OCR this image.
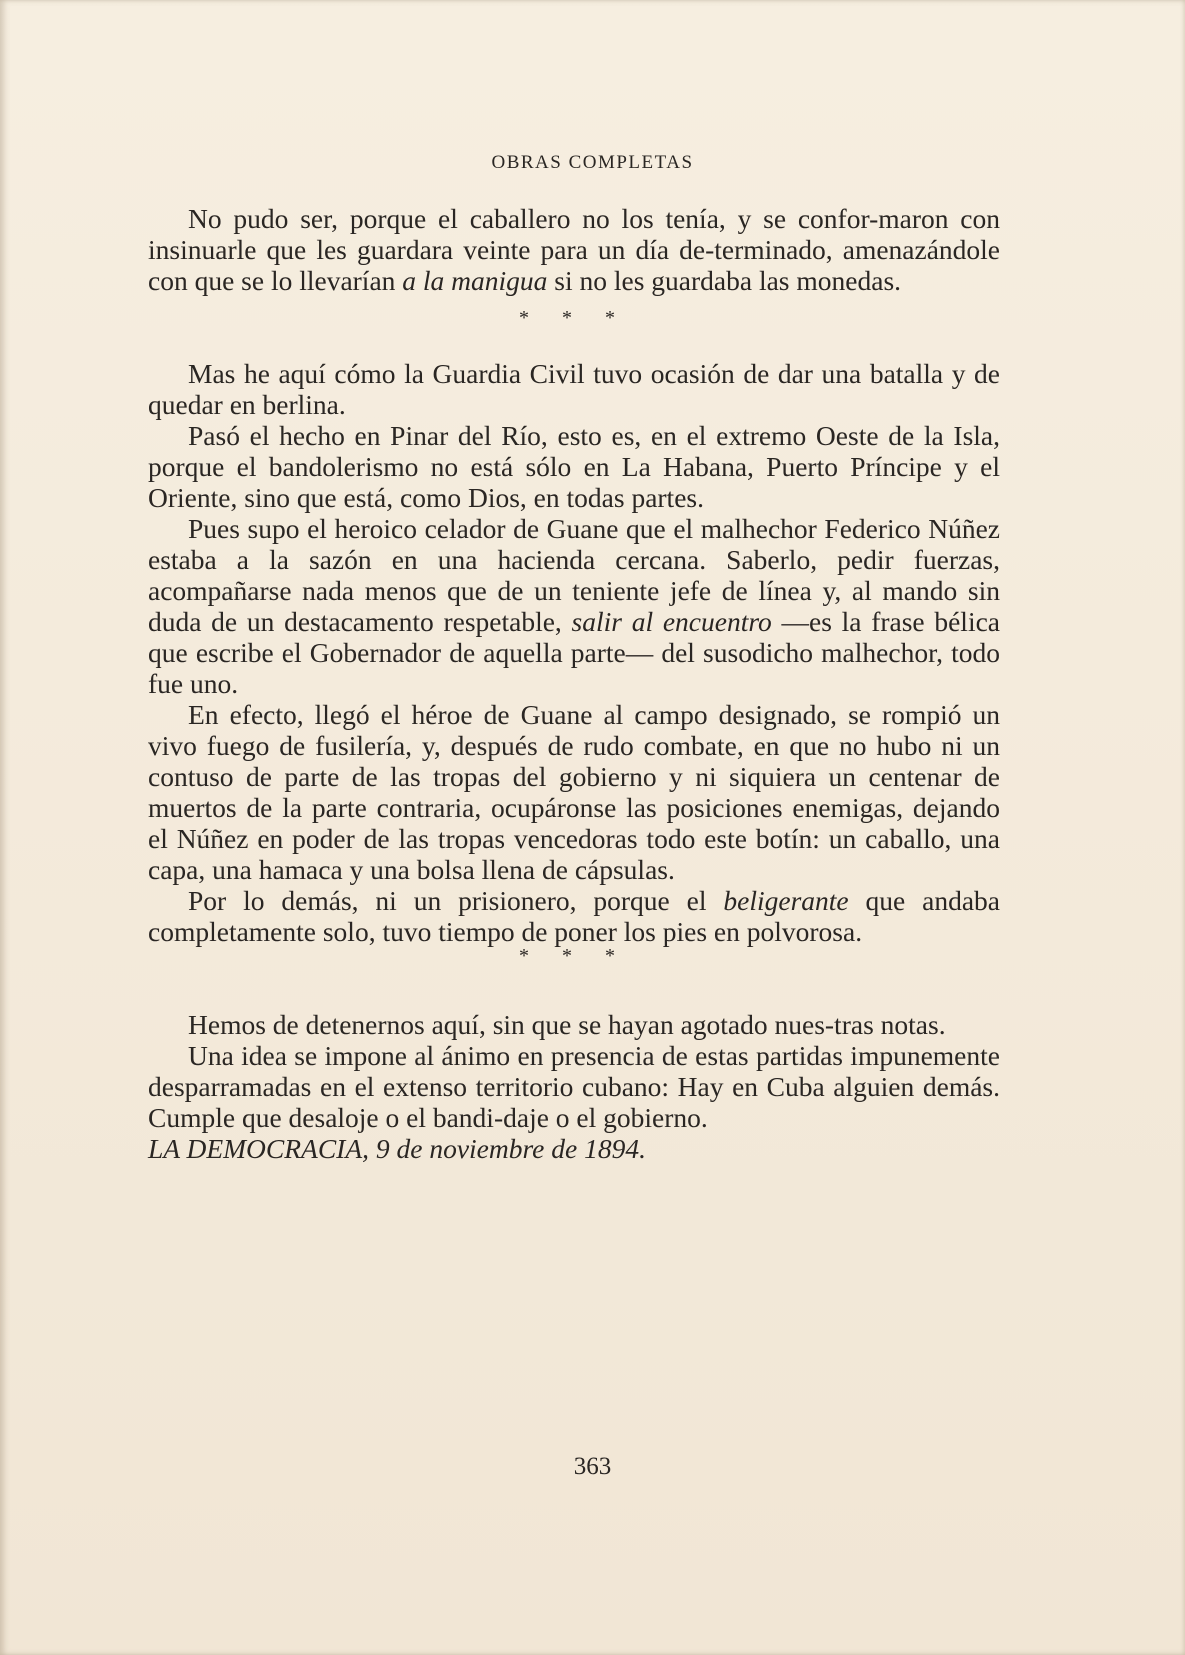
OBRAS COMPLETAS

No pudo ser, porque el caballero no los tenía, y se confor-maron con insinuarle que les guardara veinte para un día de-terminado, amenazándole con que se lo llevarían a la manigua si no les guardaba las monedas.

* * *

Mas he aquí cómo la Guardia Civil tuvo ocasión de dar una batalla y de quedar en berlina.

Pasó el hecho en Pinar del Río, esto es, en el extremo Oeste de la Isla, porque el bandolerismo no está sólo en La Habana, Puerto Príncipe y el Oriente, sino que está, como Dios, en todas partes.

Pues supo el heroico celador de Guane que el malhechor Federico Núñez estaba a la sazón en una hacienda cercana. Saberlo, pedir fuerzas, acompañarse nada menos que de un teniente jefe de línea y, al mando sin duda de un destacamento respetable, salir al encuentro —es la frase bélica que escribe el Gobernador de aquella parte— del susodicho malhechor, todo fue uno.

En efecto, llegó el héroe de Guane al campo designado, se rompió un vivo fuego de fusilería, y, después de rudo combate, en que no hubo ni un contuso de parte de las tropas del gobierno y ni siquiera un centenar de muertos de la parte contraria, ocupáronse las posiciones enemigas, dejando el Núñez en poder de las tropas vencedoras todo este botín: un caballo, una capa, una hamaca y una bolsa llena de cápsulas.

Por lo demás, ni un prisionero, porque el beligerante que andaba completamente solo, tuvo tiempo de poner los pies en polvorosa.

* * *

Hemos de detenernos aquí, sin que se hayan agotado nues-tras notas.

Una idea se impone al ánimo en presencia de estas partidas impunemente desparramadas en el extenso territorio cubano: Hay en Cuba alguien demás. Cumple que desaloje o el bandi-daje o el gobierno.

LA DEMOCRACIA, 9 de noviembre de 1894.

363
